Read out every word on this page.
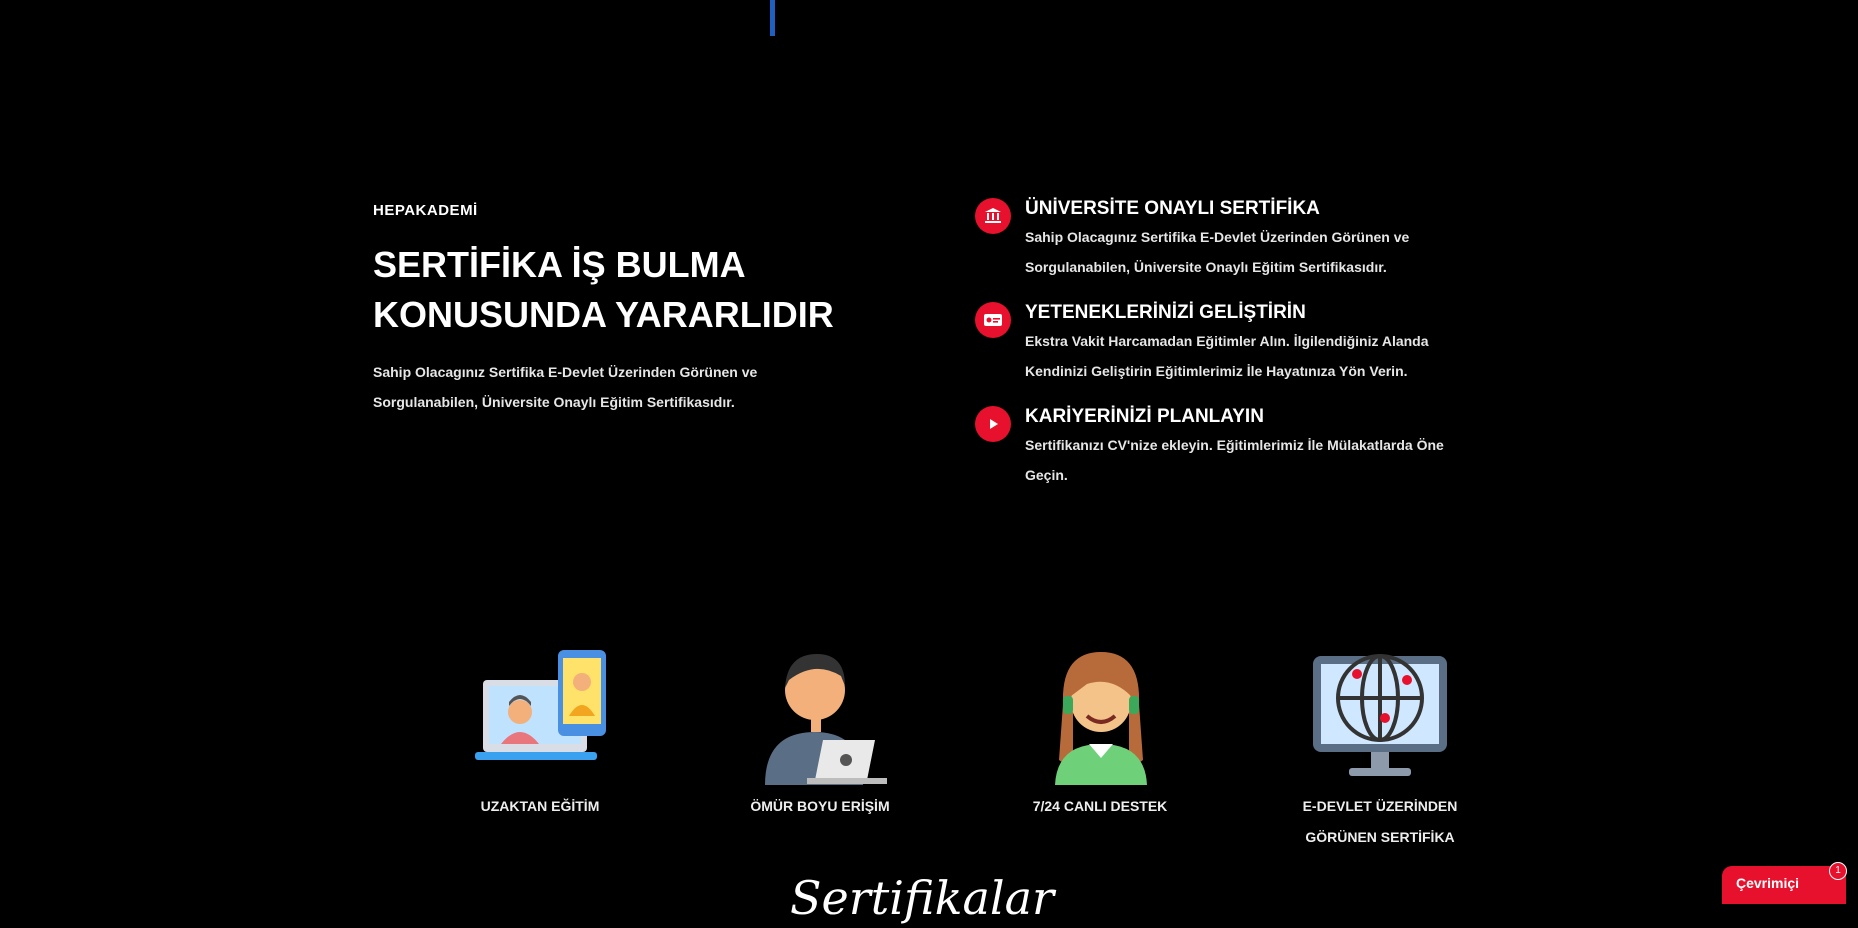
HEPAKADEMİ
SERTİFİKA İŞ BULMA KONUSUNDA YARARLIDIR
Sahip Olacagınız Sertifika E-Devlet Üzerinden Görünen ve Sorgulanabilen, Üniversite Onaylı Eğitim Sertifikasıdır.
ÜNİVERSİTE ONAYLI SERTİFİKA

Sahip Olacagınız Sertifika E-Devlet Üzerinden Görünen ve Sorgulanabilen, Üniversite Onaylı Eğitim Sertifikasıdır.

YETENEKLERİNİZİ GELİŞTİRİN

Ekstra Vakit Harcamadan Eğitimler Alın. İlgilendiğiniz Alanda Kendinizi Geliştirin Eğitimlerimiz İle Hayatınıza Yön Verin.

KARİYERİNİZİ PLANLAYIN

Sertifikanızı CV'nize ekleyin. Eğitimlerimiz İle Mülakatlarda Öne Geçin.

UZAKTAN EĞİTİM	ÖMÜR BOYU ERİŞİM	7/24 CANLI DESTEK	E-DEVLET ÜZERİNDEN GÖRÜNEN SERTİFİKA
Sertifikalar	Çevrimiçi
1
